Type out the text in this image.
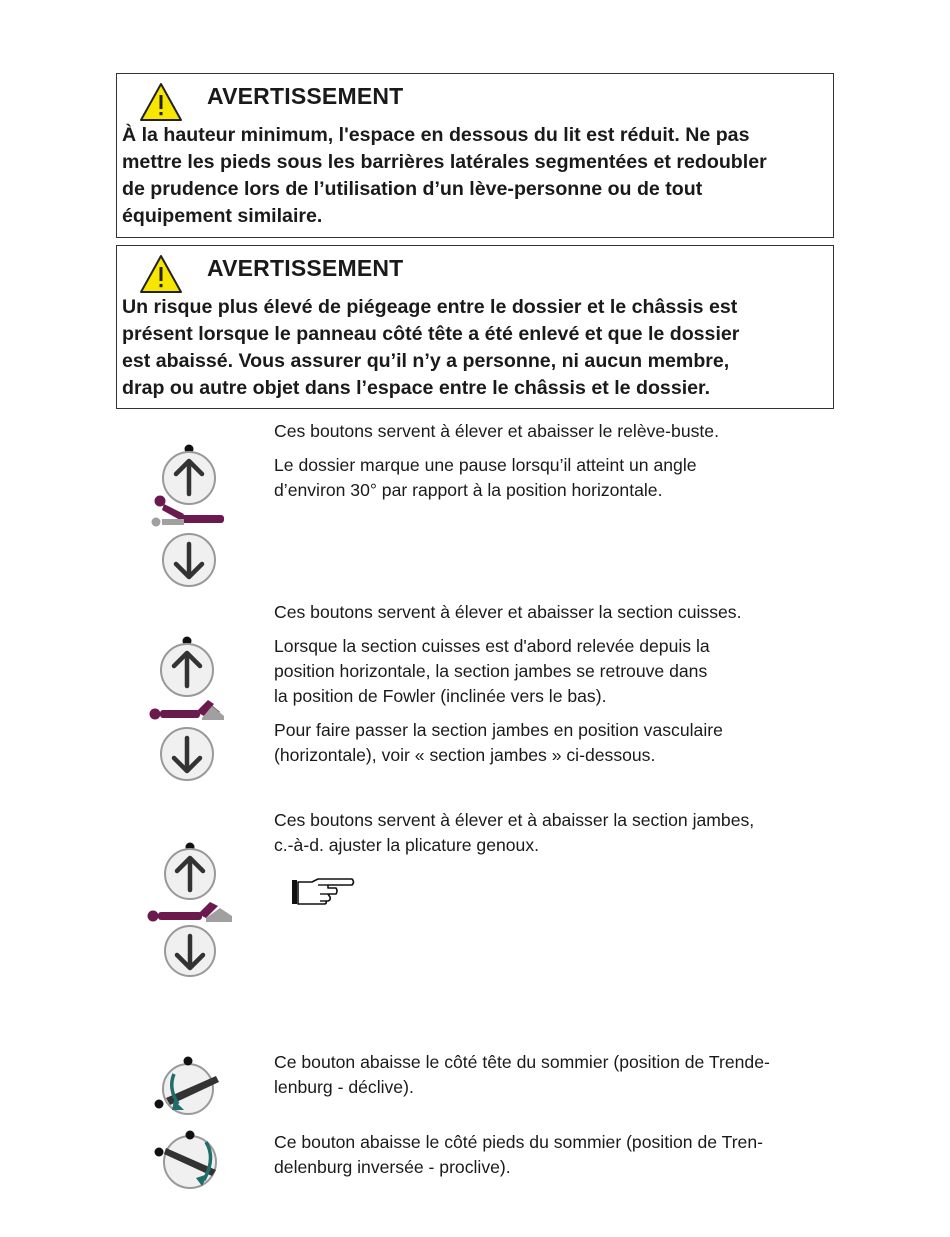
AVERTISSEMENT
À la hauteur minimum, l'espace en dessous du lit est réduit. Ne pas
mettre les pieds sous les barrières latérales segmentées et redoubler
de prudence lors de l’utilisation d’un lève-personne ou de tout
équipement similaire.
AVERTISSEMENT
Un risque plus élevé de piégeage entre le dossier et le châssis est
présent lorsque le panneau côté tête a été enlevé et que le dossier
est abaissé. Vous assurer qu’il n’y a personne, ni aucun membre,
drap ou autre objet dans l’espace entre le châssis et le dossier.

Ces boutons servent à élever et abaisser le relève-buste.

Le dossier marque une pause lorsqu’il atteint un angle

d’environ 30° par rapport à la position horizontale.

Ces boutons servent à élever et abaisser la section cuisses.

Lorsque la section cuisses est d'abord relevée depuis la

position horizontale, la section jambes se retrouve dans

la position de Fowler (inclinée vers le bas).

Pour faire passer la section jambes en position vasculaire

(horizontale), voir « section jambes » ci-dessous.

Ces boutons servent à élever et à abaisser la section jambes,

c.-à-d. ajuster la plicature genoux.

Ce bouton abaisse le côté tête du sommier (position de Trende-

lenburg - déclive).

Ce bouton abaisse le côté pieds du sommier (position de Tren-

delenburg inversée - proclive).
